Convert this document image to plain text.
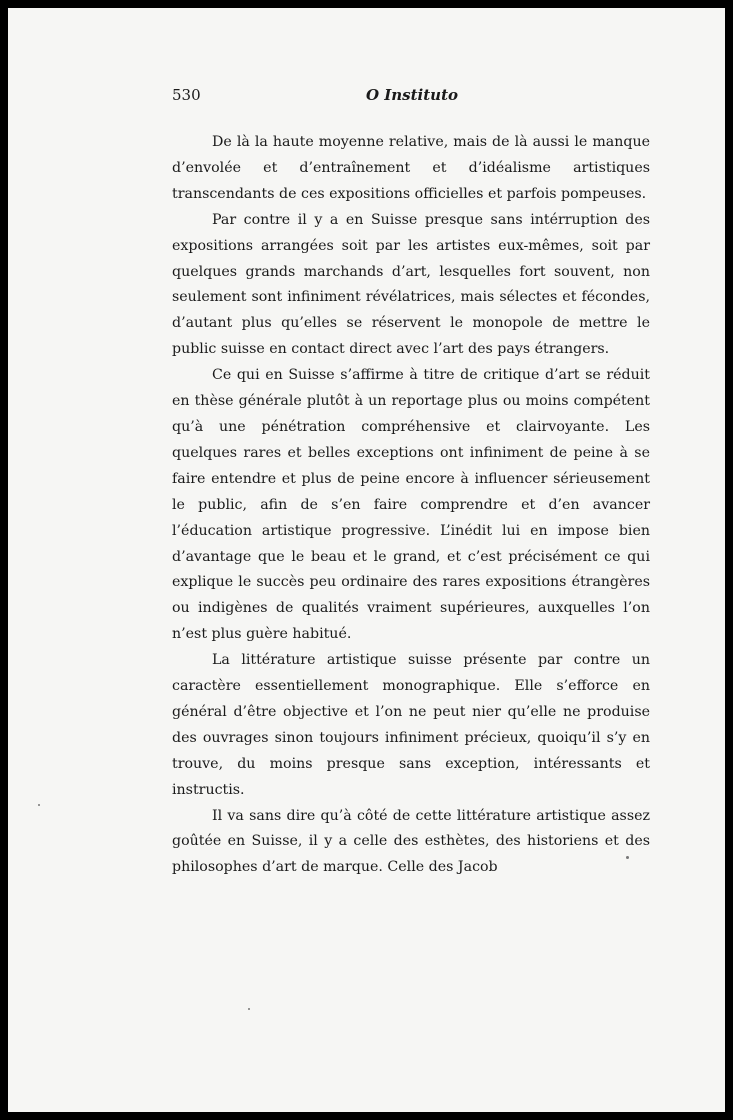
530	O Instituto

De là la haute moyenne relative, mais de là aussi le manque d’envolée et d’entraînement et d’idéalisme artistiques transcendants de ces expositions officielles et parfois pompeuses.

Par contre il y a en Suisse presque sans intérruption des expositions arrangées soit par les artistes eux-mêmes, soit par quelques grands marchands d’art, lesquelles fort souvent, non seulement sont infiniment révélatrices, mais sélectes et fécondes, d’autant plus qu’elles se réservent le monopole de mettre le public suisse en contact direct avec l’art des pays étrangers.

Ce qui en Suisse s’affirme à titre de critique d’art se réduit en thèse générale plutôt à un reportage plus ou moins compétent qu’à une pénétration compréhensive et clairvoyante. Les quelques rares et belles exceptions ont infiniment de peine à se faire entendre et plus de peine encore à influencer sérieusement le public, afin de s’en faire comprendre et d’en avancer l’éducation artistique progressive. L’inédit lui en impose bien d’avantage que le beau et le grand, et c’est précisément ce qui explique le succès peu ordinaire des rares expositions étrangères ou indigènes de qualités vraiment supérieures, auxquelles l’on n’est plus guère habitué.

La littérature artistique suisse présente par contre un caractère essentiellement monographique. Elle s’efforce en général d’être objective et l’on ne peut nier qu’elle ne produise des ouvrages sinon toujours infiniment précieux, quoiqu’il s’y en trouve, du moins presque sans exception, intéressants et instructis.

Il va sans dire qu’à côté de cette littérature artistique assez goûtée en Suisse, il y a celle des esthètes, des historiens et des philosophes d’art de marque. Celle des Jacob
